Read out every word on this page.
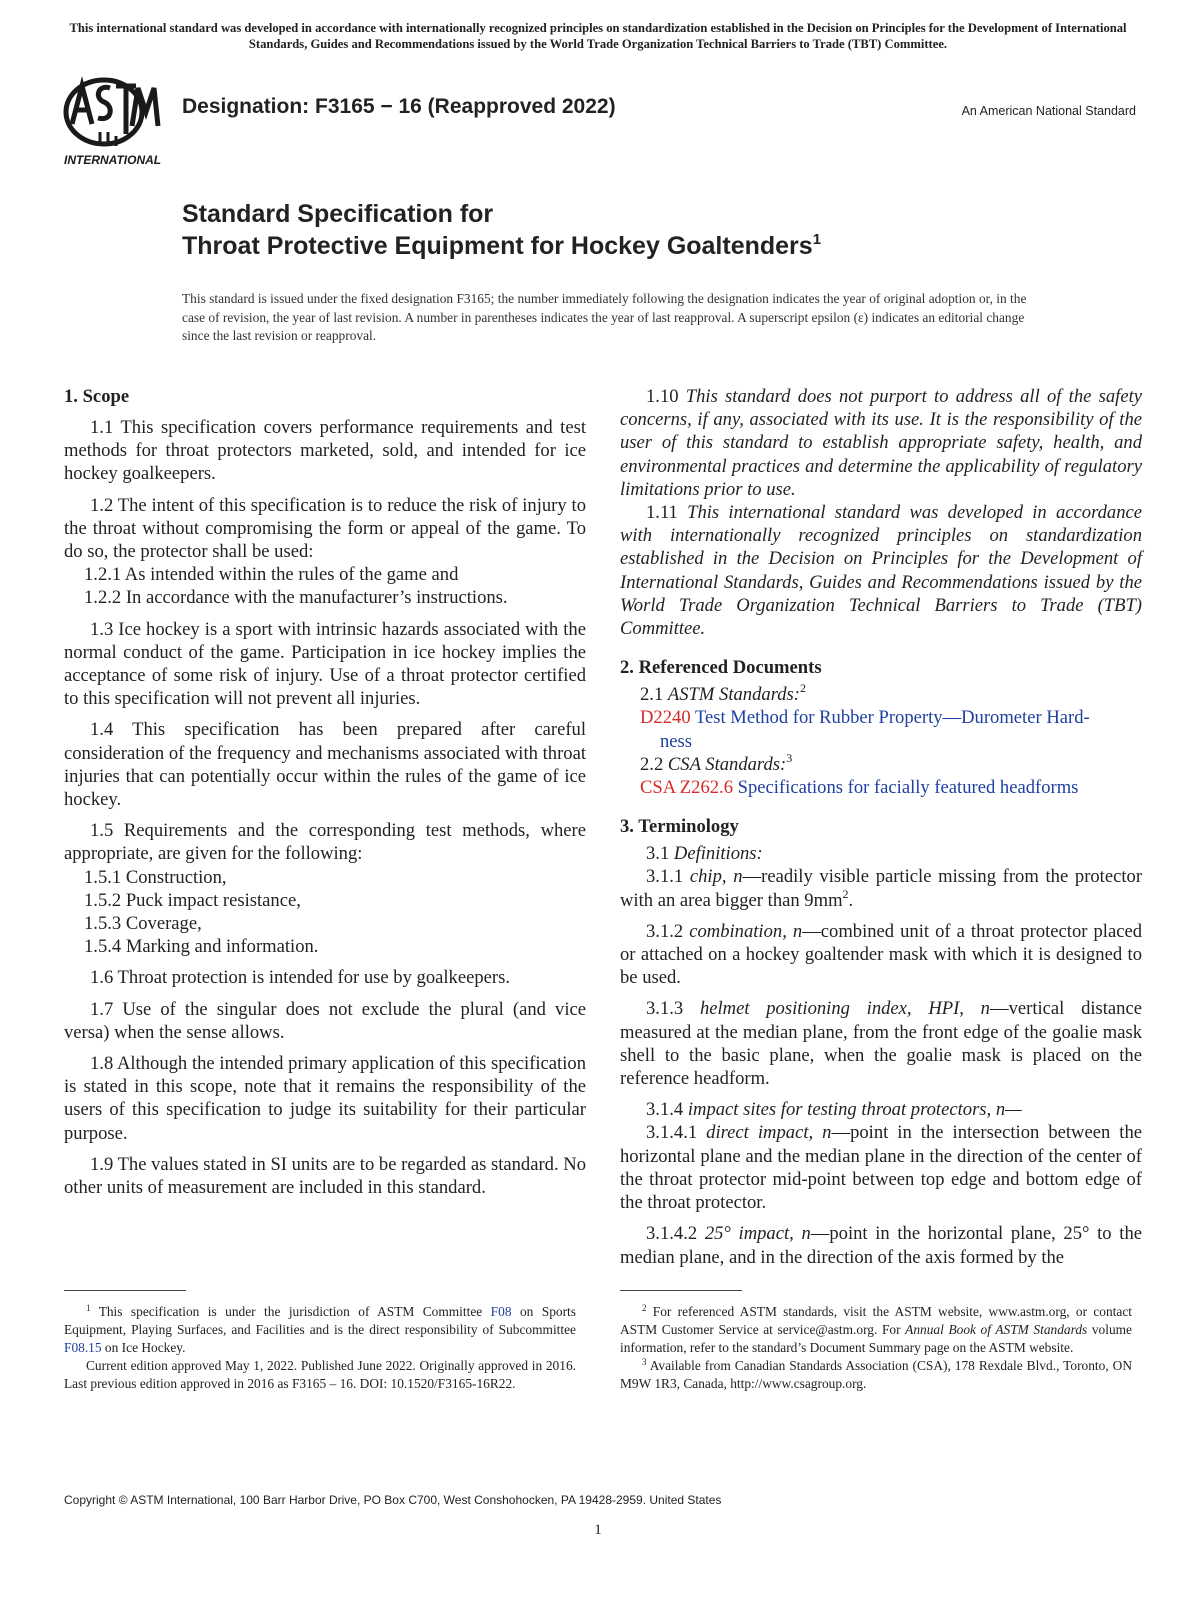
This international standard was developed in accordance with internationally recognized principles on standardization established in the Decision on Principles for the Development of International Standards, Guides and Recommendations issued by the World Trade Organization Technical Barriers to Trade (TBT) Committee.
INTERNATIONAL
Designation: F3165 − 16 (Reapproved 2022)	An American National Standard
Standard Specification for
Throat Protective Equipment for Hockey Goaltenders$^1$
This standard is issued under the fixed designation F3165; the number immediately following the designation indicates the year of original adoption or, in the case of revision, the year of last revision. A number in parentheses indicates the year of last reapproval. A superscript epsilon (ε) indicates an editorial change since the last revision or reapproval.
1. Scope

1.1 This specification covers performance requirements and test methods for throat protectors marketed, sold, and intended for ice hockey goalkeepers.

1.2 The intent of this specification is to reduce the risk of injury to the throat without compromising the form or appeal of the game. To do so, the protector shall be used:

1.2.1 As intended within the rules of the game and

1.2.2 In accordance with the manufacturer’s instructions.

1.3 Ice hockey is a sport with intrinsic hazards associated with the normal conduct of the game. Participation in ice hockey implies the acceptance of some risk of injury. Use of a throat protector certified to this specification will not prevent all injuries.

1.4 This specification has been prepared after careful consideration of the frequency and mechanisms associated with throat injuries that can potentially occur within the rules of the game of ice hockey.

1.5 Requirements and the corresponding test methods, where appropriate, are given for the following:

1.5.1 Construction,

1.5.2 Puck impact resistance,

1.5.3 Coverage,

1.5.4 Marking and information.

1.6 Throat protection is intended for use by goalkeepers.

1.7 Use of the singular does not exclude the plural (and vice versa) when the sense allows.

1.8 Although the intended primary application of this specification is stated in this scope, note that it remains the responsibility of the users of this specification to judge its suitability for their particular purpose.

1.9 The values stated in SI units are to be regarded as standard. No other units of measurement are included in this standard.

1.10 This standard does not purport to address all of the safety concerns, if any, associated with its use. It is the responsibility of the user of this standard to establish appropriate safety, health, and environmental practices and determine the applicability of regulatory limitations prior to use.

1.11 This international standard was developed in accordance with internationally recognized principles on standardization established in the Decision on Principles for the Development of International Standards, Guides and Recommendations issued by the World Trade Organization Technical Barriers to Trade (TBT) Committee.

2. Referenced Documents

2.1 ASTM Standards:$^2$

D2240 Test Method for Rubber Property—Durometer Hard-

ness

2.2 CSA Standards:$^3$

CSA Z262.6 Specifications for facially featured headforms

3. Terminology

3.1 Definitions:

3.1.1 chip, n—readily visible particle missing from the protector with an area bigger than $9mm^2$.

3.1.2 combination, n—combined unit of a throat protector placed or attached on a hockey goaltender mask with which it is designed to be used.

3.1.3 helmet positioning index, HPI, n—vertical distance measured at the median plane, from the front edge of the goalie mask shell to the basic plane, when the goalie mask is placed on the reference headform.

3.1.4 impact sites for testing throat protectors, n—

3.1.4.1 direct impact, n—point in the intersection between the horizontal plane and the median plane in the direction of the center of the throat protector mid-point between top edge and bottom edge of the throat protector.

3.1.4.2 25° impact, n—point in the horizontal plane, 25° to the median plane, and in the direction of the axis formed by the

$^1$ This specification is under the jurisdiction of ASTM Committee F08 on Sports Equipment, Playing Surfaces, and Facilities and is the direct responsibility of Subcommittee F08.15 on Ice Hockey.

Current edition approved May 1, 2022. Published June 2022. Originally approved in 2016. Last previous edition approved in 2016 as F3165 – 16. DOI: 10.1520/F3165-16R22.

$^2$ For referenced ASTM standards, visit the ASTM website, www.astm.org, or contact ASTM Customer Service at service@astm.org. For Annual Book of ASTM Standards volume information, refer to the standard’s Document Summary page on the ASTM website.

$^3$ Available from Canadian Standards Association (CSA), 178 Rexdale Blvd., Toronto, ON M9W 1R3, Canada, http://www.csagroup.org.

Copyright © ASTM International, 100 Barr Harbor Drive, PO Box C700, West Conshohocken, PA 19428-2959. United States
1
